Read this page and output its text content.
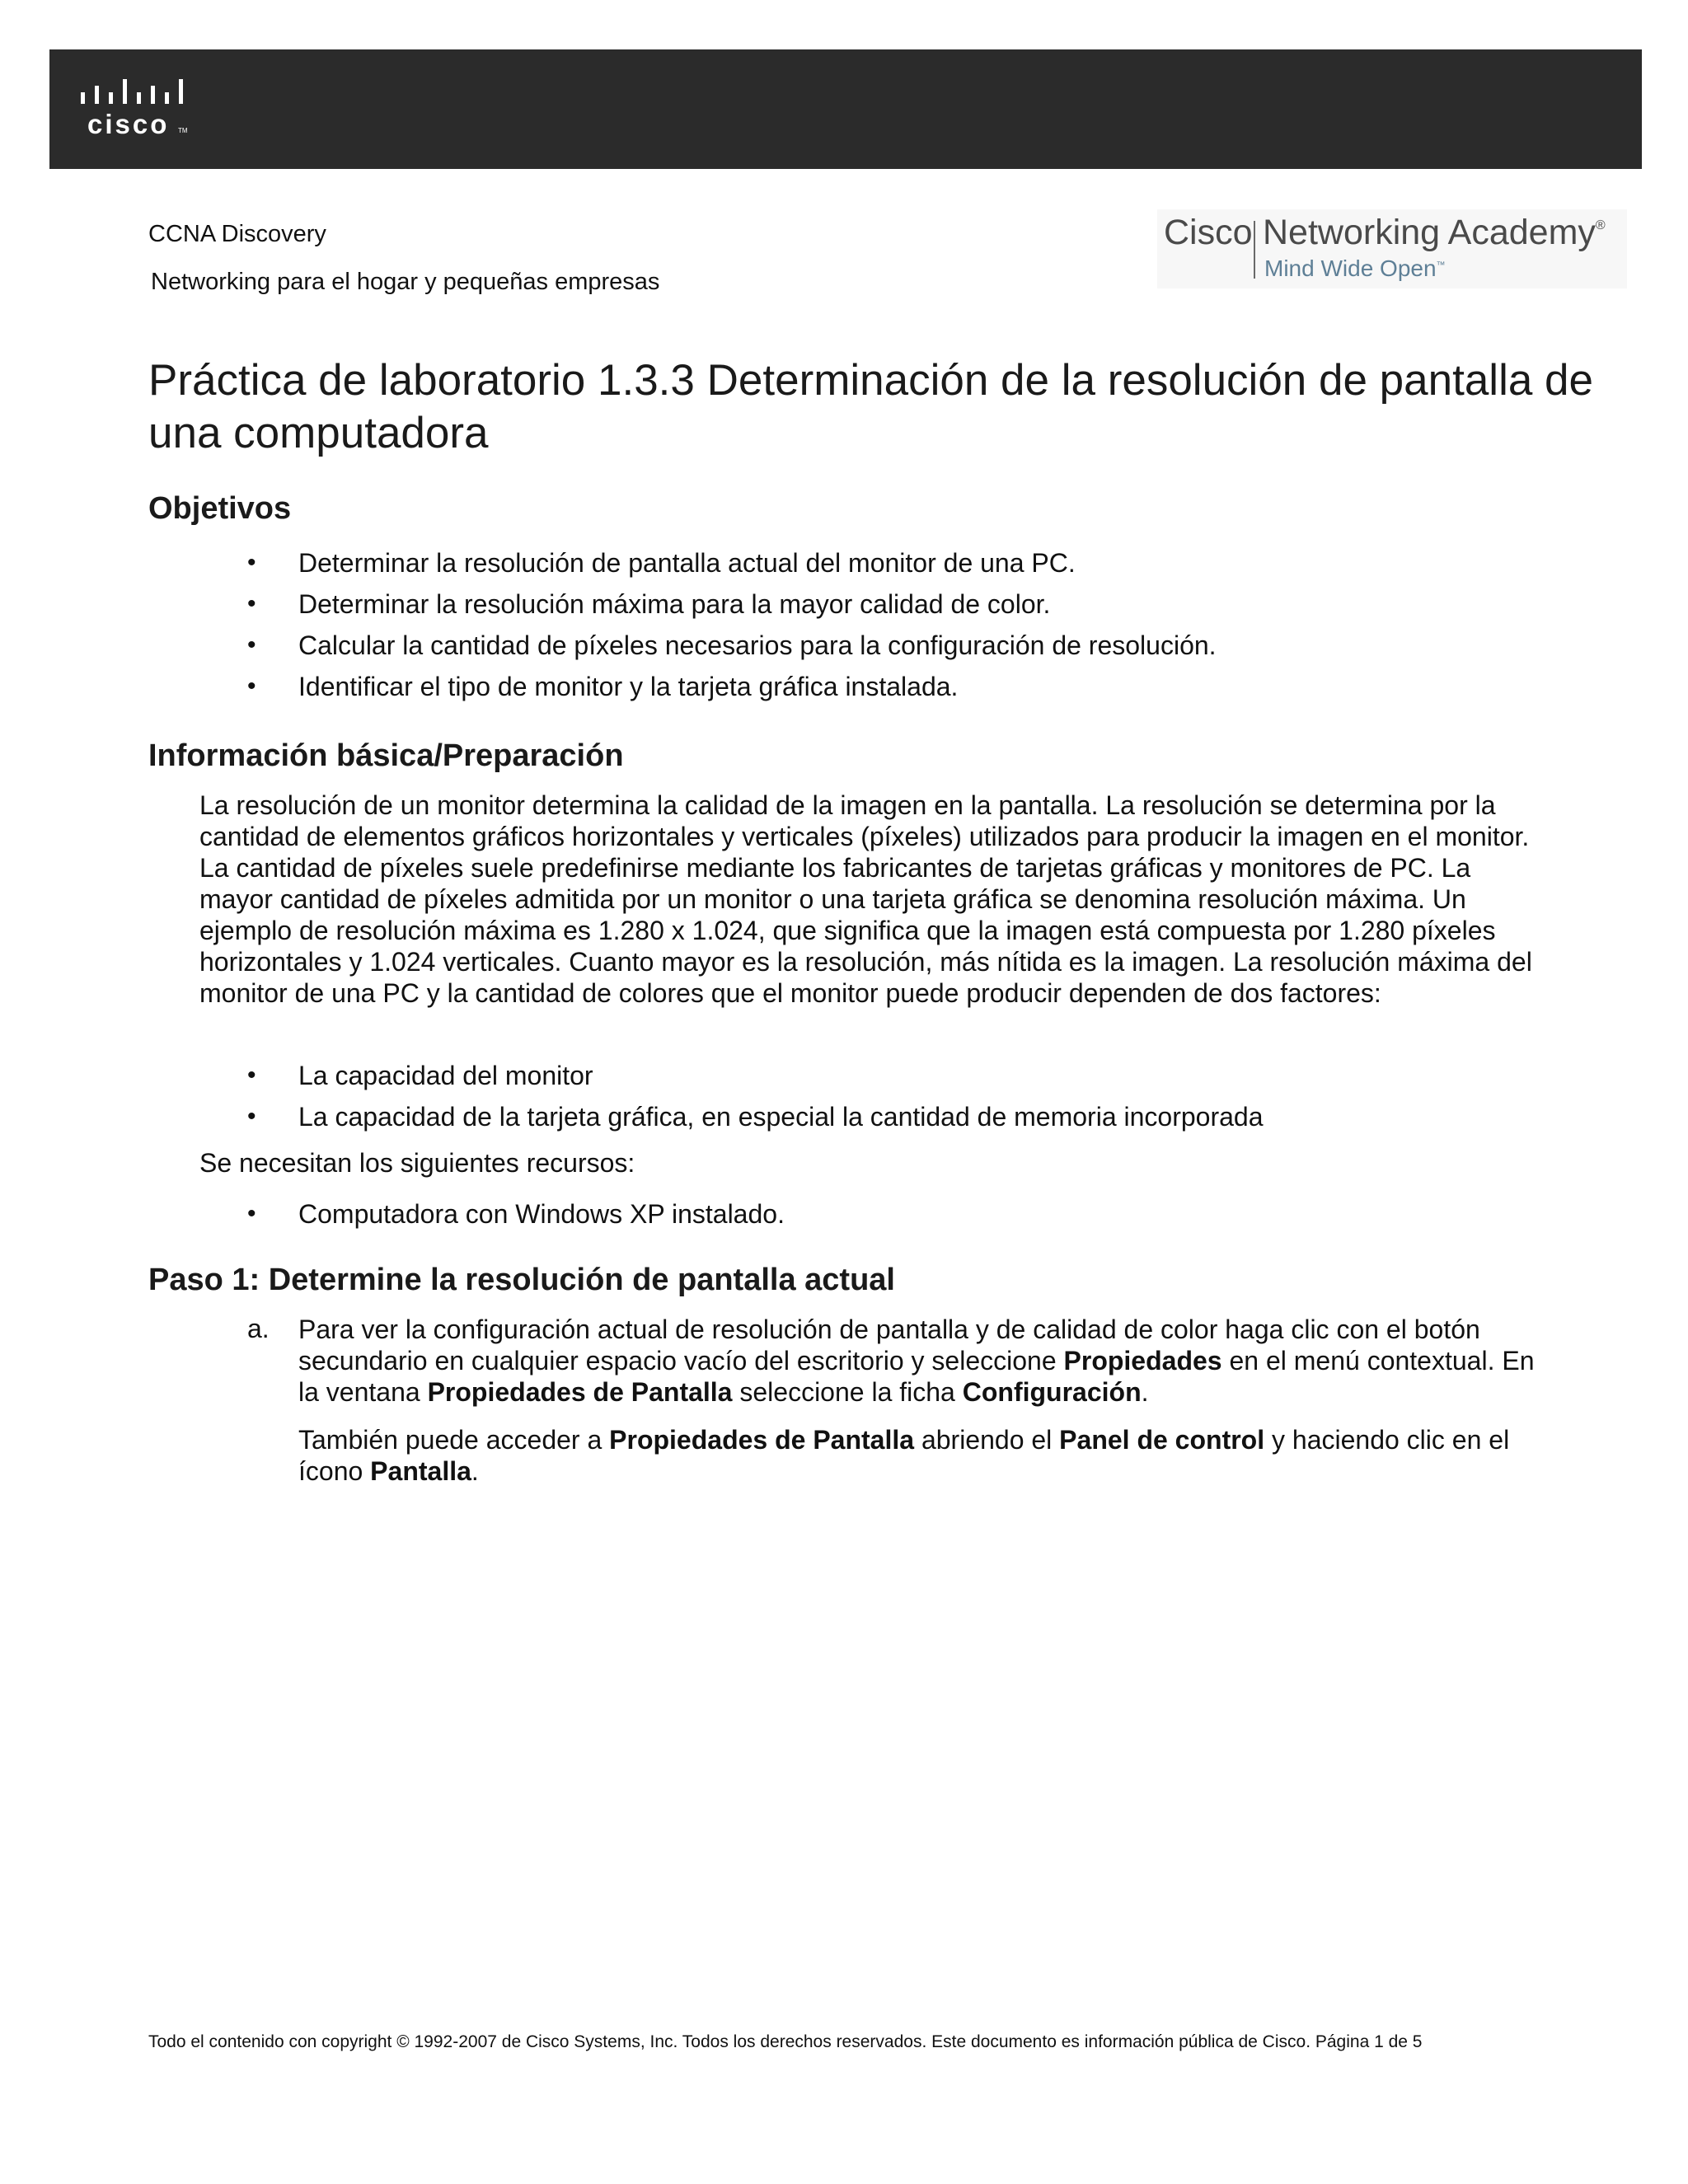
cisco TM
CCNA Discovery
Networking para el hogar y pequeñas empresas
Cisco Networking Academy®
Mind Wide Open™
Práctica de laboratorio 1.3.3 Determinación de la resolución de pantalla de una computadora
Objetivos
• Determinar la resolución de pantalla actual del monitor de una PC.
• Determinar la resolución máxima para la mayor calidad de color.
• Calcular la cantidad de píxeles necesarios para la configuración de resolución.
• Identificar el tipo de monitor y la tarjeta gráfica instalada.
Información básica/Preparación

La resolución de un monitor determina la calidad de la imagen en la pantalla. La resolución se determina por la cantidad de elementos gráficos horizontales y verticales (píxeles) utilizados para producir la imagen en el monitor. La cantidad de píxeles suele predefinirse mediante los fabricantes de tarjetas gráficas y monitores de PC. La mayor cantidad de píxeles admitida por un monitor o una tarjeta gráfica se denomina resolución máxima. Un ejemplo de resolución máxima es 1.280 x 1.024, que significa que la imagen está compuesta por 1.280 píxeles horizontales y 1.024 verticales. Cuanto mayor es la resolución, más nítida es la imagen. La resolución máxima del monitor de una PC y la cantidad de colores que el monitor puede producir dependen de dos factores:

• La capacidad del monitor
• La capacidad de la tarjeta gráfica, en especial la cantidad de memoria incorporada

Se necesitan los siguientes recursos:

• Computadora con Windows XP instalado.
Paso 1: Determine la resolución de pantalla actual
a. Para ver la configuración actual de resolución de pantalla y de calidad de color haga clic con el botón secundario en cualquier espacio vacío del escritorio y seleccione Propiedades en el menú contextual. En la ventana Propiedades de Pantalla seleccione la ficha Configuración.

También puede acceder a Propiedades de Pantalla abriendo el Panel de control y haciendo clic en el ícono Pantalla.

Todo el contenido con copyright © 1992-2007 de Cisco Systems, Inc. Todos los derechos reservados. Este documento es información pública de Cisco. Página 1 de 5
